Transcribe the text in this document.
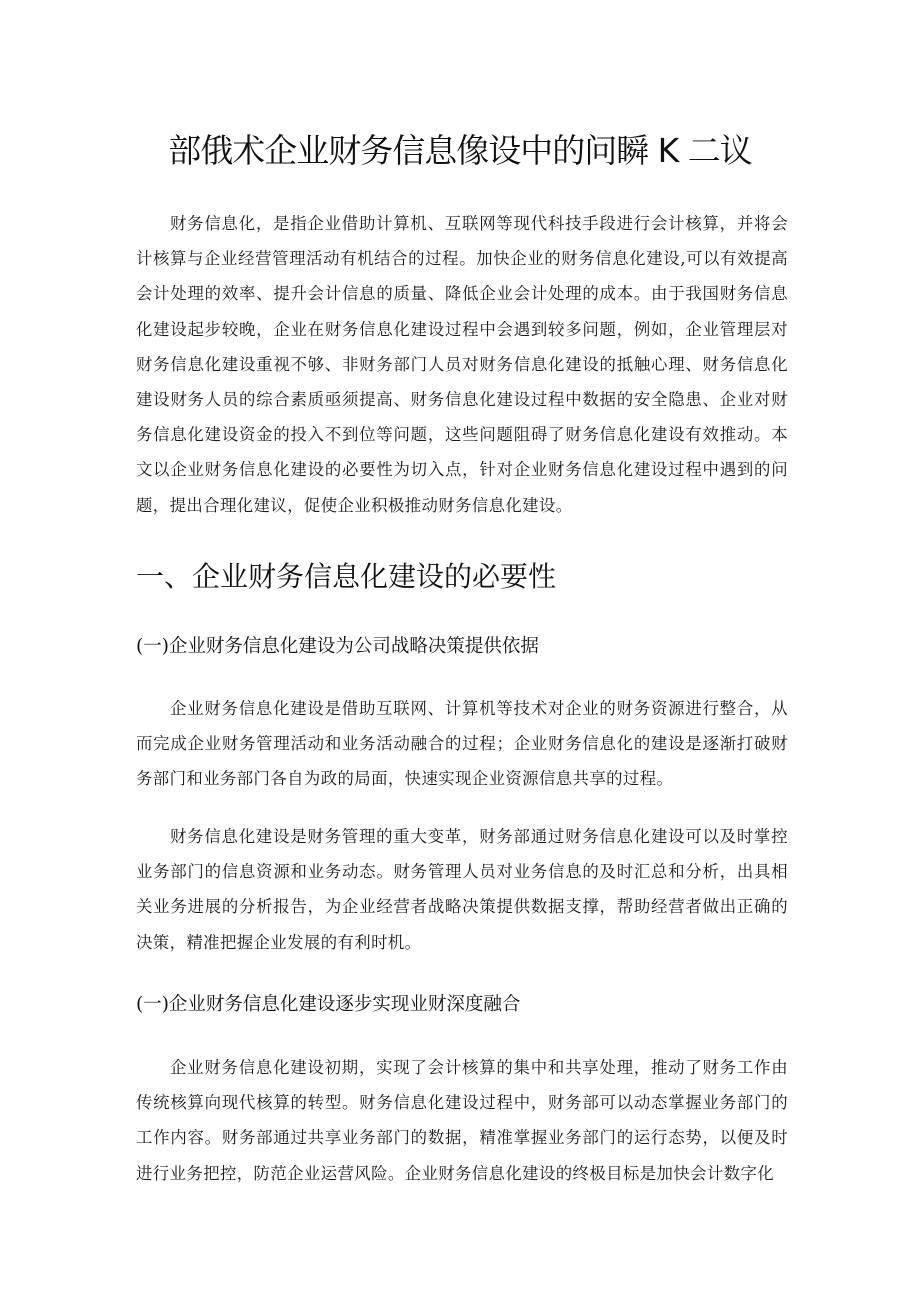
部俄术企业财务信息像设中的问瞬 K 二议

财务信息化，是指企业借助计算机、互联网等现代科技手段进行会计核算，并将会计核算与企业经营管理活动有机结合的过程。加快企业的财务信息化建设,可以有效提高会计处理的效率、提升会计信息的质量、降低企业会计处理的成本。由于我国财务信息化建设起步较晚，企业在财务信息化建设过程中会遇到较多问题，例如，企业管理层对财务信息化建设重视不够、非财务部门人员对财务信息化建设的抵触心理、财务信息化建设财务人员的综合素质亟须提高、财务信息化建设过程中数据的安全隐患、企业对财务信息化建设资金的投入不到位等问题，这些问题阻碍了财务信息化建设有效推动。本文以企业财务信息化建设的必要性为切入点，针对企业财务信息化建设过程中遇到的问题，提出合理化建议，促使企业积极推动财务信息化建设。

一、企业财务信息化建设的必要性
(一)企业财务信息化建设为公司战略决策提供依据

企业财务信息化建设是借助互联网、计算机等技术对企业的财务资源进行整合，从而完成企业财务管理活动和业务活动融合的过程；企业财务信息化的建设是逐渐打破财务部门和业务部门各自为政的局面，快速实现企业资源信息共享的过程。

财务信息化建设是财务管理的重大变革，财务部通过财务信息化建设可以及时掌控业务部门的信息资源和业务动态。财务管理人员对业务信息的及时汇总和分析，出具相关业务进展的分析报告，为企业经营者战略决策提供数据支撑，帮助经营者做出正确的决策，精准把握企业发展的有利时机。

(一)企业财务信息化建设逐步实现业财深度融合

企业财务信息化建设初期，实现了会计核算的集中和共享处理，推动了财务工作由传统核算向现代核算的转型。财务信息化建设过程中，财务部可以动态掌握业务部门的工作内容。财务部通过共享业务部门的数据，精准掌握业务部门的运行态势，以便及时进行业务把控，防范企业运营风险。企业财务信息化建设的终极目标是加快会计数字化
